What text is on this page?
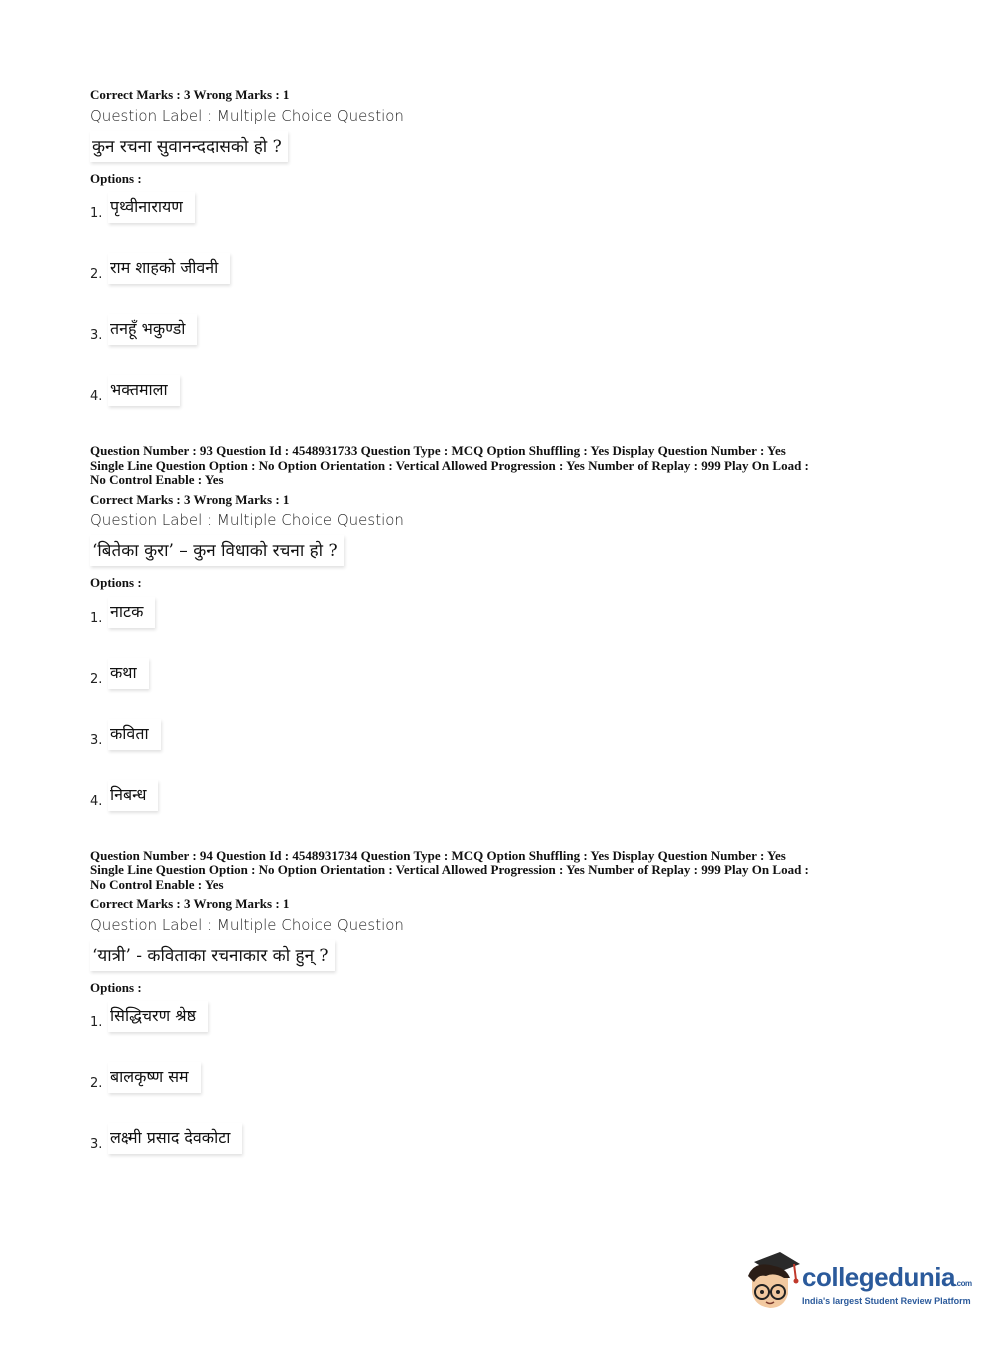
Correct Marks : 3 Wrong Marks : 1
Question Label : Multiple Choice Question
कुन रचना सुवानन्ददासको हो ?
Options :
1. पृथ्वीनारायण
2. राम शाहको जीवनी
3. तनहूँ भकुण्डो
4. भक्तमाला
Question Number : 93 Question Id : 4548931733 Question Type : MCQ Option Shuffling : Yes Display Question Number : Yes
Single Line Question Option : No Option Orientation : Vertical Allowed Progression : Yes Number of Replay : 999 Play On Load :
No Control Enable : Yes
Correct Marks : 3 Wrong Marks : 1
Question Label : Multiple Choice Question
‘बितेका कुरा’ – कुन विधाको रचना हो ?
Options :
1. नाटक
2. कथा
3. कविता
4. निबन्ध
Question Number : 94 Question Id : 4548931734 Question Type : MCQ Option Shuffling : Yes Display Question Number : Yes
Single Line Question Option : No Option Orientation : Vertical Allowed Progression : Yes Number of Replay : 999 Play On Load :
No Control Enable : Yes
Correct Marks : 3 Wrong Marks : 1
Question Label : Multiple Choice Question
‘यात्री’ - कविताका रचनाकार को हुन् ?
Options :
1. सिद्धिचरण श्रेष्ठ
2. बालकृष्ण सम
3. लक्ष्मी प्रसाद देवकोटा
collegedunia.com
India's largest Student Review Platform
